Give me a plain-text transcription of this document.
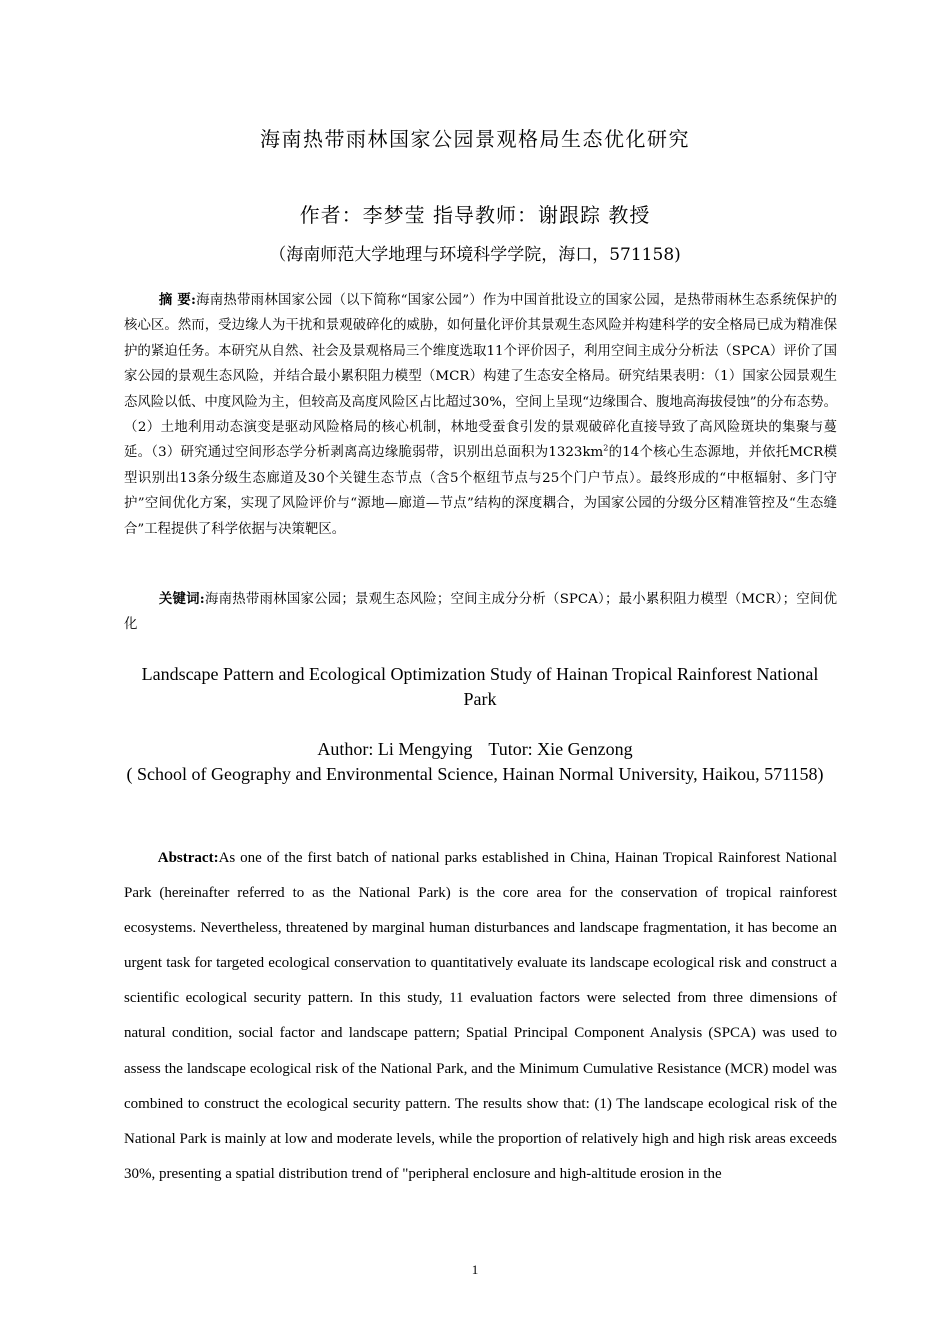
海南热带雨林国家公园景观格局生态优化研究
作者：李梦莹 指导教师：谢跟踪 教授
（海南师范大学地理与环境科学学院，海口，571158)

摘 要:海南热带雨林国家公园（以下简称“国家公园”）作为中国首批设立的国家公园，是热带雨林生态系统保护的核心区。然而，受边缘人为干扰和景观破碎化的威胁，如何量化评价其景观生态风险并构建科学的安全格局已成为精准保护的紧迫任务。本研究从自然、社会及景观格局三个维度选取11个评价因子，利用空间主成分分析法（SPCA）评价了国家公园的景观生态风险，并结合最小累积阻力模型（MCR）构建了生态安全格局。研究结果表明：（1）国家公园景观生态风险以低、中度风险为主，但较高及高度风险区占比超过30%，空间上呈现“边缘围合、腹地高海拔侵蚀”的分布态势。（2）土地利用动态演变是驱动风险格局的核心机制，林地受蚕食引发的景观破碎化直接导致了高风险斑块的集聚与蔓延。（3）研究通过空间形态学分析剥离高边缘脆弱带，识别出总面积为$1323km^2$的14个核心生态源地，并依托MCR模型识别出13条分级生态廊道及30个关键生态节点（含5个枢纽节点与25个门户节点）。最终形成的“中枢辐射、多门守护”空间优化方案，实现了风险评价与“源地—廊道—节点”结构的深度耦合，为国家公园的分级分区精准管控及“生态缝合”工程提供了科学依据与决策靶区。

关键词:海南热带雨林国家公园；景观生态风险；空间主成分分析（SPCA）；最小累积阻力模型（MCR）；空间优化

Landscape Pattern and Ecological Optimization Study of Hainan Tropical Rainforest National Park
Author: Li Mengying Tutor: Xie Genzong
( School of Geography and Environmental Science, Hainan Normal University, Haikou, 571158)

Abstract:As one of the first batch of national parks established in China, Hainan Tropical Rainforest National Park (hereinafter referred to as the National Park) is the core area for the conservation of tropical rainforest ecosystems. Nevertheless, threatened by marginal human disturbances and landscape fragmentation, it has become an urgent task for targeted ecological conservation to quantitatively evaluate its landscape ecological risk and construct a scientific ecological security pattern. In this study, 11 evaluation factors were selected from three dimensions of natural condition, social factor and landscape pattern; Spatial Principal Component Analysis (SPCA) was used to assess the landscape ecological risk of the National Park, and the Minimum Cumulative Resistance (MCR) model was combined to construct the ecological security pattern. The results show that: (1) The landscape ecological risk of the National Park is mainly at low and moderate levels, while the proportion of relatively high and high risk areas exceeds 30%, presenting a spatial distribution trend of "peripheral enclosure and high-altitude erosion in the

1
